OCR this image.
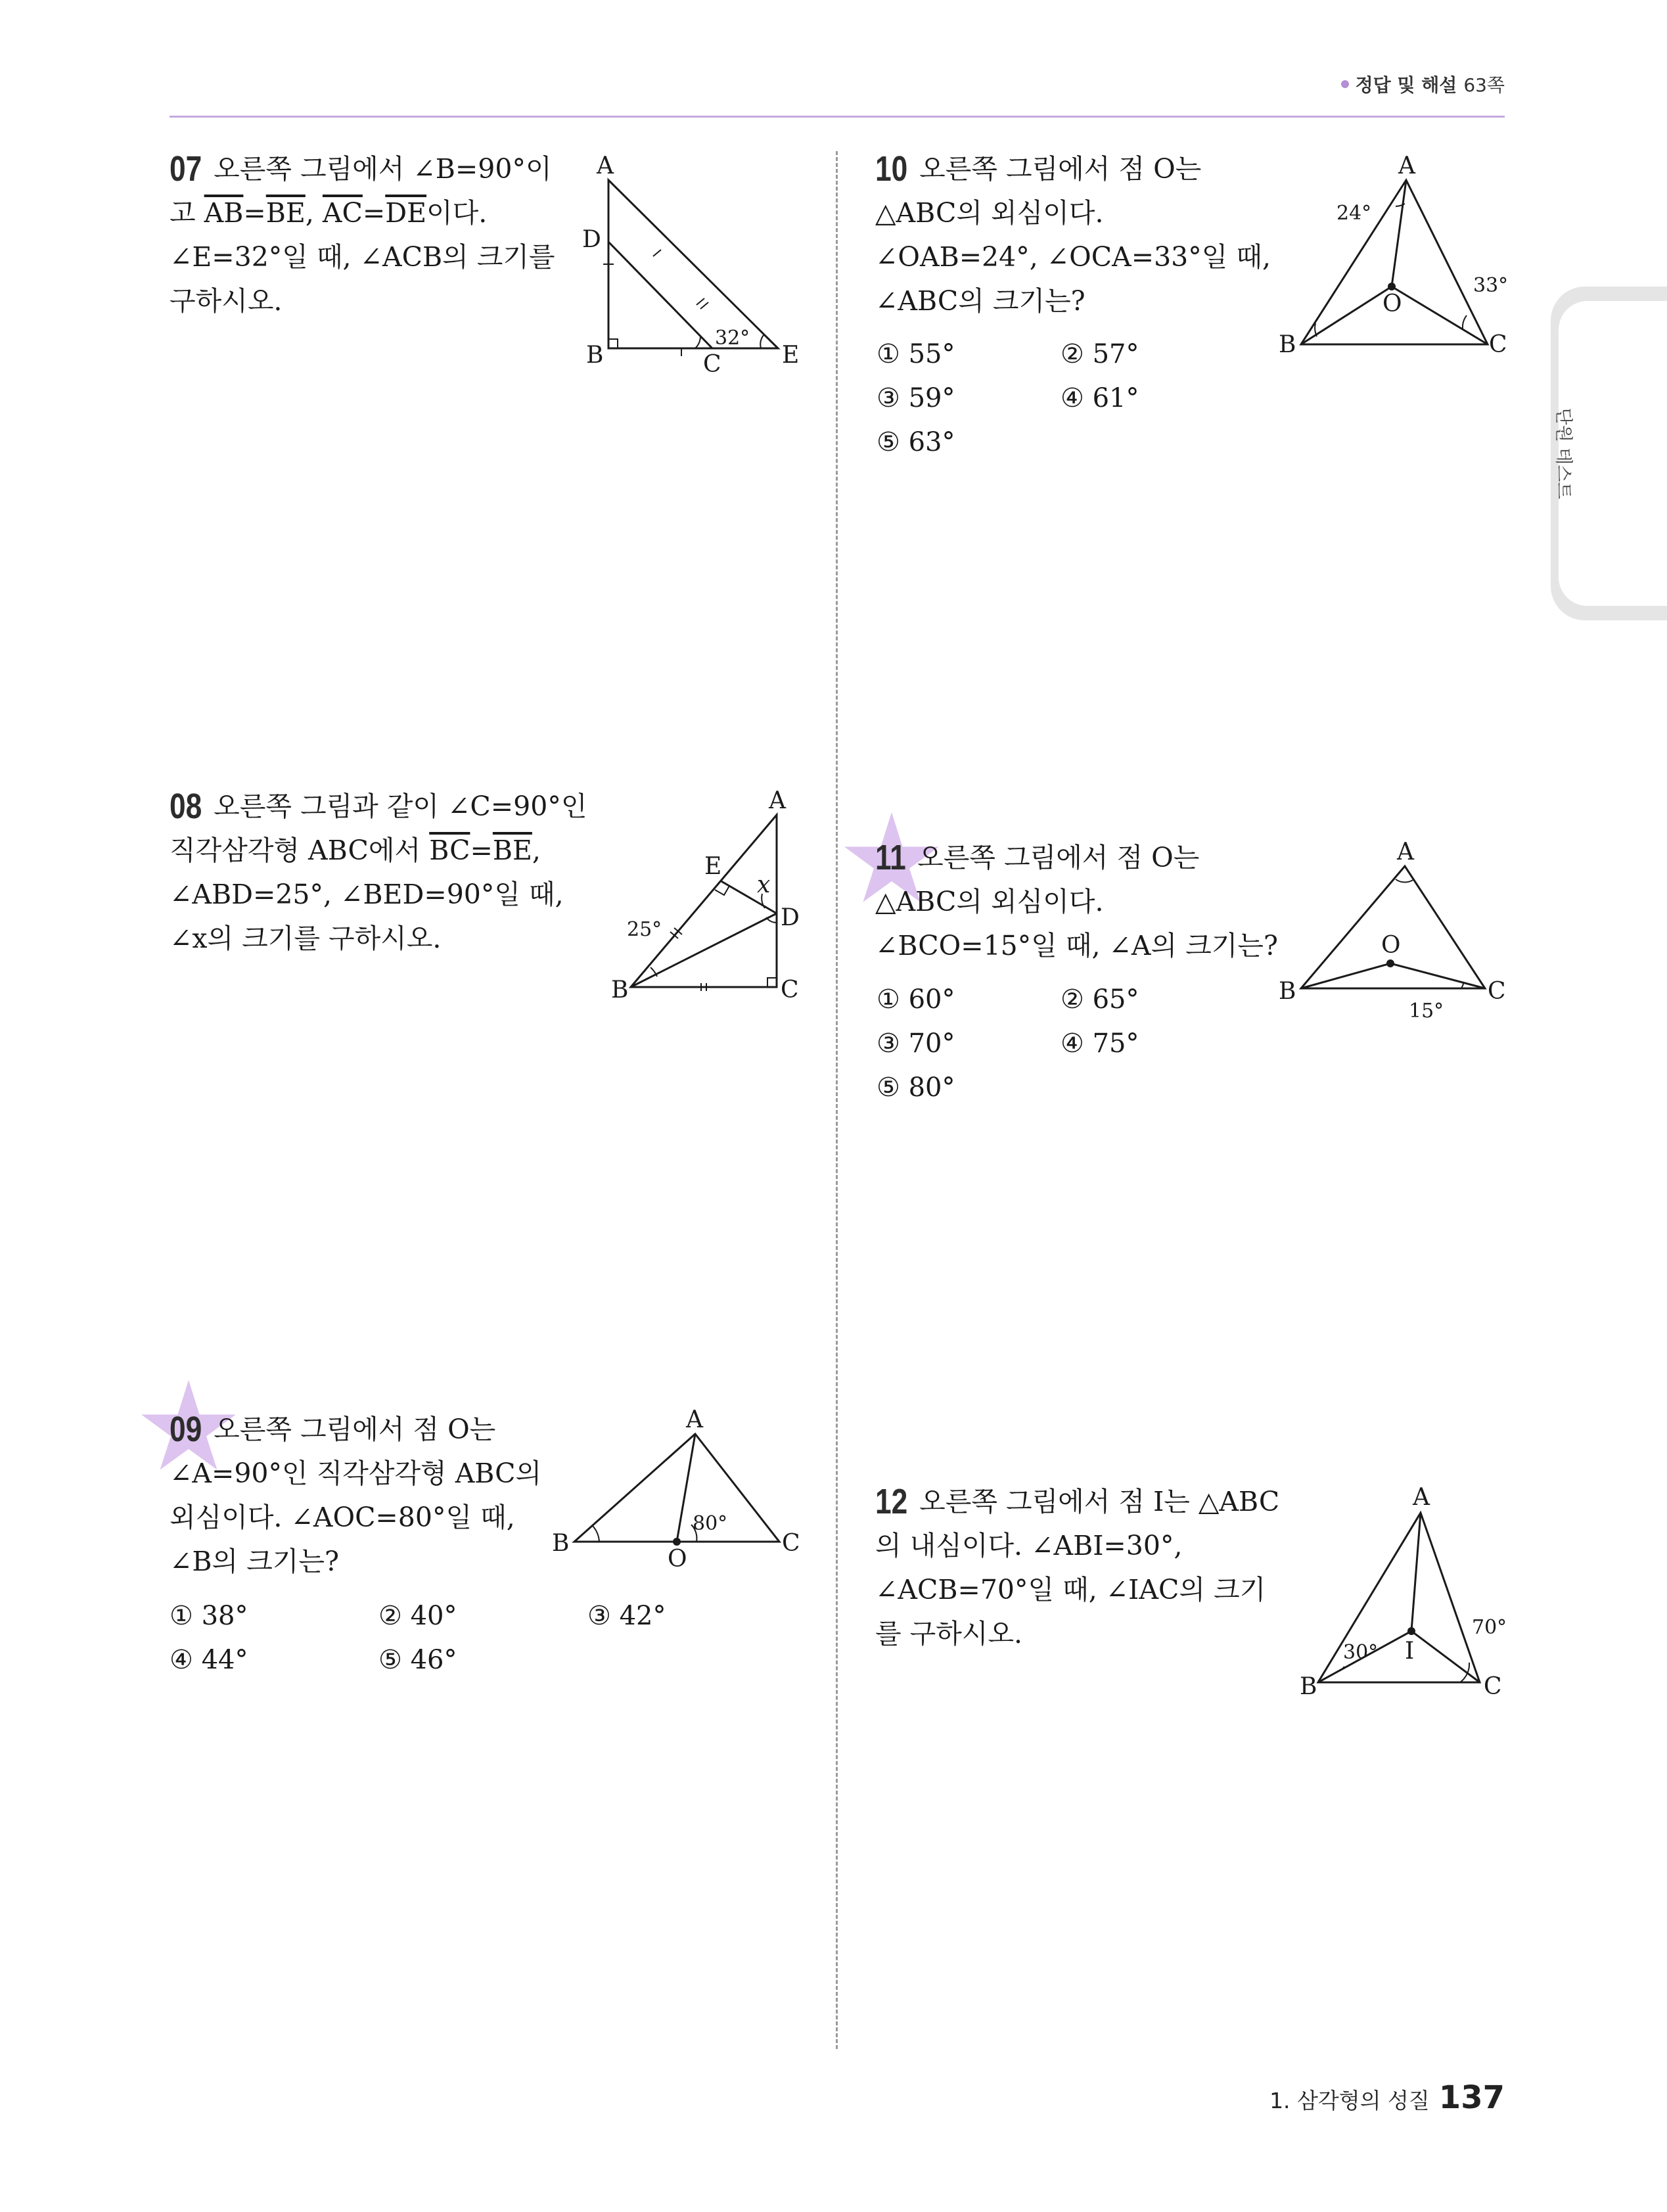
정답 및 해설 63쪽
단원 테스트
07 오른쪽 그림에서 ∠B=90°이
고 $\overline{AB}=\overline{BE}$, $\overline{AC}=\overline{DE}$이다.
∠E=32°일 때, ∠ACB의 크기를
구하시오.
A
D
B	C	E
32°
10 오른쪽 그림에서 점 O는
△ABC의 외심이다.
∠OAB=24°, ∠OCA=33°일 때,
∠ABC의 크기는?
① 55°	② 57°
③ 59°	④ 61°
⑤ 63°
A
B	C
O
24°
33°
08 오른쪽 그림과 같이 ∠C=90°인
직각삼각형 ABC에서 $\overline{BC}=\overline{BE}$,
∠ABD=25°, ∠BED=90°일 때,
∠x의 크기를 구하시오.
A
E
D
B	C
25°
x
11 오른쪽 그림에서 점 O는
△ABC의 외심이다.
∠BCO=15°일 때, ∠A의 크기는?
① 60°	② 65°
③ 70°	④ 75°
⑤ 80°
A
B	C
O
15°
09 오른쪽 그림에서 점 O는
∠A=90°인 직각삼각형 ABC의
외심이다. ∠AOC=80°일 때,
∠B의 크기는?
① 38°	② 40°	③ 42°
④ 44°	⑤ 46°
A
B	C
O
80°
12 오른쪽 그림에서 점 I는 △ABC
의 내심이다. ∠ABI=30°,
∠ACB=70°일 때, ∠IAC의 크기
를 구하시오.
A
B	C
I
30°
70°
1. 삼각형의 성질 137
